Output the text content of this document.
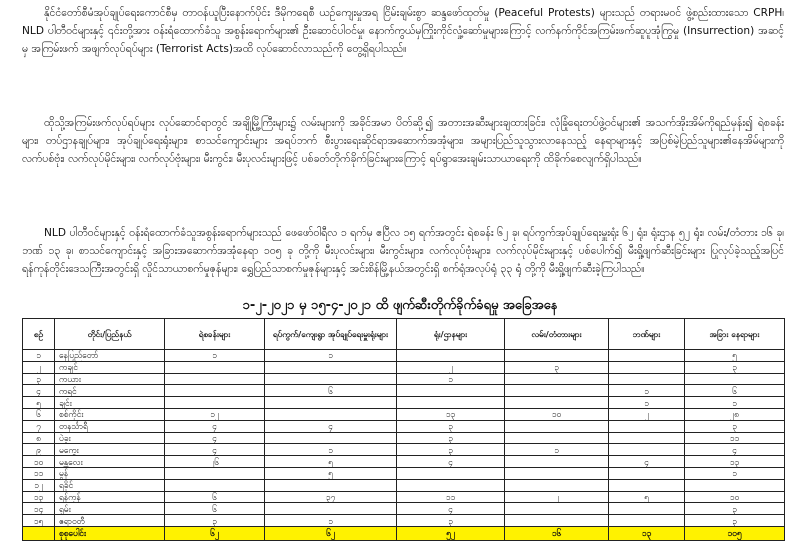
နိုင်ငံတော်စီမံအုပ်ချုပ်ရေးကောင်စီမှ တာဝန်ယူပြီးနောက်ပိုင်း ဒီမိုကရေစီ ယဉ်ကျေးမှုအရ ငြိမ်းချမ်းစွာ ဆန္ဒဖော်ထုတ်မှု (Peaceful Protests) များသည် တရားမဝင် ဖွဲ့စည်းထားသော CRPH၊ NLD ပါတီဝင်များနှင့် ၎င်းတို့အား ဝန်းရံထောက်ခံသူ အစွန်းရောက်များ၏ ဦးဆောင်ပါဝင်မှု၊ နောက်ကွယ်မှကြိုးကိုင်လှုံ့ဆော်မှုများကြောင့် လက်နက်ကိုင်အကြမ်းဖက်ဆူပူအုံကြွမှု (Insurrection) အဆင့်မှ အကြမ်းဖက် အဖျက်လုပ်ရပ်များ (Terrorist Acts)အထိ လုပ်ဆောင်လာသည်ကို တွေ့ရှိရပါသည်။

ထိုသို့အကြမ်းဖက်လုပ်ရပ်များ လုပ်ဆောင်ရာတွင် အချို့မြို့ကြီးများ၌ လမ်းများကို အခိုင်အမာ ပိတ်ဆို့၍ အတားအဆီးများချထားခြင်း၊ လုံခြုံရေးတပ်ဖွဲ့ဝင်များ၏ အသက်အိုးအိမ်ကိုရည်မှန်း၍ ရဲစခန်းများ၊ တပ်ဌာနချုပ်များ၊ အုပ်ချုပ်ရေးရုံးများ၊ စာသင်ကျောင်းများ အရပ်ဘက် စီးပွားရေးဆိုင်ရာအဆောက်အအုံများ၊ အများပြည်သူသွားလာနေသည့် နေရာများနှင့် အပြစ်မဲ့ပြည်သူများ၏နေအိမ်များကို လက်ပစ်ဗုံး၊ လက်လုပ်မိုင်းများ၊ လက်လုပ်ဗုံးများ၊ မီးကွင်း၊ မီးပုလင်းများဖြင့် ပစ်ခတ်တိုက်ခိုက်ခြင်းများကြောင့် ရပ်ရွာအေးချမ်းသာယာရေးကို ထိခိုက်စေလျက်ရှိပါသည်။

NLD ပါတီဝင်များနှင့် ဝန်းရံထောက်ခံသူအစွန်းရောက်များသည် ဖေဖော်ဝါရီလ ၁ ရက်မှ ဧပြီလ ၁၅ ရက်အတွင်း ရဲစခန်း ၆၂ ခု၊ ရပ်ကွက်အုပ်ချုပ်ရေးမှူးရုံး ၆၂ ရုံး၊ ရုံးဌာန ၅၂ ရုံး၊ လမ်း/တံတား ၁၆ ခု၊ ဘဏ် ၁၃ ခု၊ စာသင်ကျောင်းနှင့် အခြားအဆောက်အအုံနေရာ ၁၀၅ ခု တို့ကို မီးပုလင်းများ၊ မီးကွင်းများ၊ လက်လုပ်ဗုံးများ၊ လက်လုပ်မိုင်းများနှင့် ပစ်ပေါက်၍ မီးရှို့ဖျက်ဆီးခြင်းများ ပြုလုပ်ခဲ့သည့်အပြင် ရန်ကုန်တိုင်းဒေသကြီးအတွင်းရှိ လှိုင်သာယာစက်မှုဇုန်များ၊ ရွှေပြည်သာစက်မှုဇုန်များနှင့် အင်းစိန်မြို့နယ်အတွင်းရှိ စက်ရုံအလုပ်ရုံ ၃၃ ရုံ တို့ကို မီးရှို့ဖျက်ဆီးခဲ့ကြပါသည်။

၁-၂-၂၀၂၁ မှ ၁၅-၄-၂၀၂၁ ထိ ဖျက်ဆီးတိုက်ခိုက်ခံရမှု အခြေအနေ
စဉ်	တိုင်း/ပြည်နယ်	ရဲစခန်းများ	ရပ်ကွက်/ကျေးရွာ အုပ်ချုပ်ရေးမှူးရုံးများ	ရုံး/ဌာနများ	လမ်း/တံတားများ	ဘဏ်များ	အခြား နေရာများ
၁	နေပြည်တော်	၁	၁				၅
၂	ကချင်			၂	၃		၃
၃	ကယား			၁			
၄	ကရင်		၆			၁	၆
၅	ချင်း					၁	၁
၆	စစ်ကိုင်း	၁၂		၁၃	၁၀	၂	၂၈
၇	တနင်္သာရီ	၄	၄	၃			၃
၈	ပဲခူး	၄		၃			၁၁
၉	မကွေး	၄	၁	၃	၁		၄
၁၀	မန္တလေး	၂၆	၅	၄		၄	၁၃
၁၁	မွန်		၅				၁
၁၂	ရခိုင်						
၁၃	ရန်ကုန်	၆	၃၇	၁၁	၂	၅	၁၀
၁၄	ရှမ်း	၆		၄			၃
၁၅	ဧရာဝတီ	၃	၁	၃			၃
	စုစုပေါင်း	၆၂	၆၂	၅၂	၁၆	၁၃	၁၀၅
